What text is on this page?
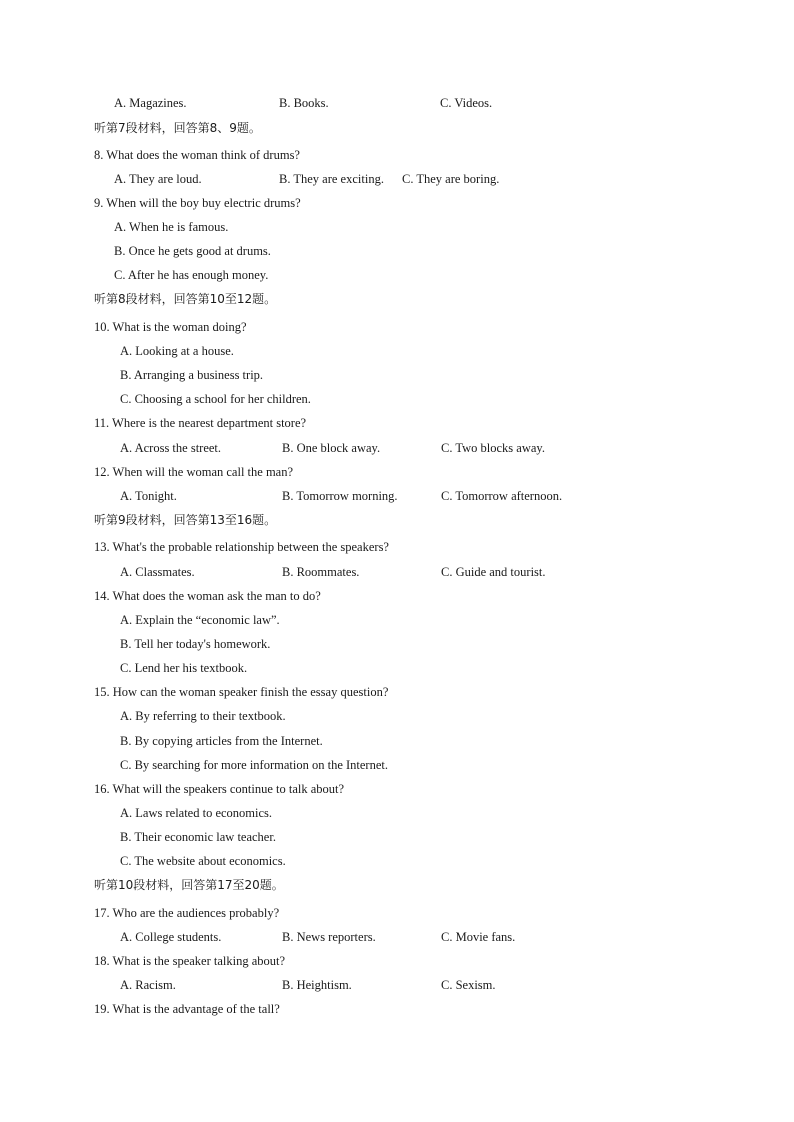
A. Magazines.	B. Books.	C. Videos.
听第7段材料，回答第8、9题。
8. What does the woman think of drums?
A. They are loud.	B. They are exciting. C. They are boring.
9. When will the boy buy electric drums?
A. When he is famous.
B. Once he gets good at drums.
C. After he has enough money.
听第8段材料，回答第10至12题。
10. What is the woman doing?
A. Looking at a house.
B. Arranging a business trip.
C. Choosing a school for her children.
11. Where is the nearest department store?
A. Across the street.	B. One block away.	C. Two blocks away.
12. When will the woman call the man?
A. Tonight.	B. Tomorrow morning.	C. Tomorrow afternoon.
听第9段材料，回答第13至16题。
13. What's the probable relationship between the speakers?
A. Classmates.	B. Roommates.	C. Guide and tourist.
14. What does the woman ask the man to do?
A. Explain the “economic law”.
B. Tell her today's homework.
C. Lend her his textbook.
15. How can the woman speaker finish the essay question?
A. By referring to their textbook.
B. By copying articles from the Internet.
C. By searching for more information on the Internet.
16. What will the speakers continue to talk about?
A. Laws related to economics.
B. Their economic law teacher.
C. The website about economics.
听第10段材料，回答第17至20题。
17. Who are the audiences probably?
A. College students.	B. News reporters.	C. Movie fans.
18. What is the speaker talking about?
A. Racism.	B. Heightism.	C. Sexism.
19. What is the advantage of the tall?
